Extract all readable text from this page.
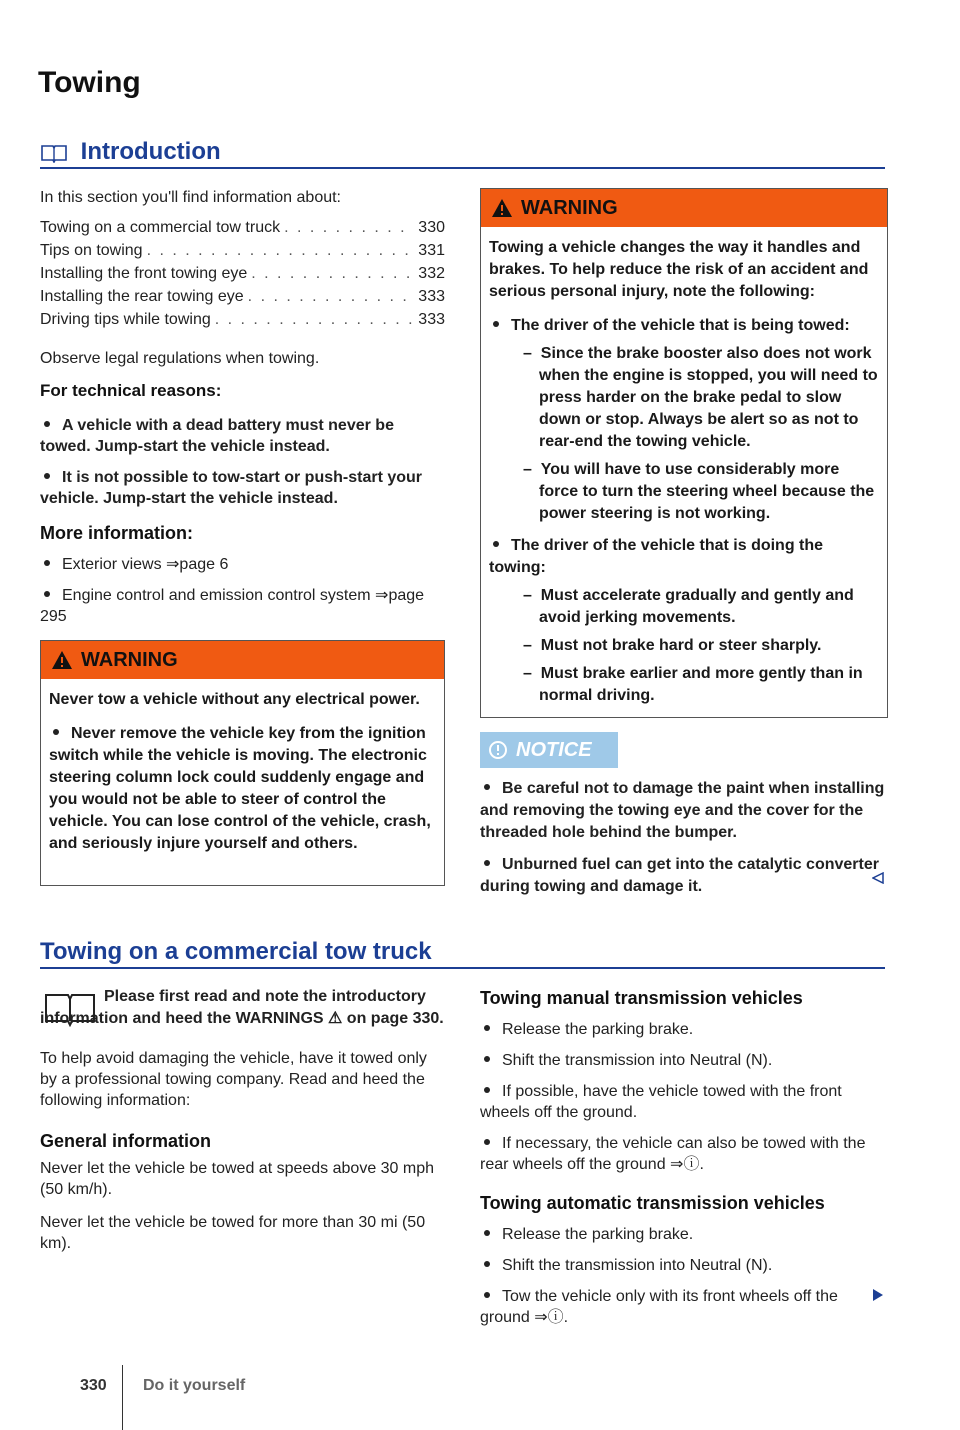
Towing
Introduction

In this section you'll find information about:

Towing on a commercial tow truck . . .	330
Tips on towing . . .	331
Installing the front towing eye . . .	332
Installing the rear towing eye . . .	333
Driving tips while towing . . .	333

Observe legal regulations when towing.

For technical reasons:

A vehicle with a dead battery must never be towed. Jump-start the vehicle instead.

It is not possible to tow-start or push-start your vehicle. Jump-start the vehicle instead.

More information:

Exterior views ⇒page 6

Engine control and emission control system ⇒page 295

WARNING

Never tow a vehicle without any electrical power.

Never remove the vehicle key from the ignition switch while the vehicle is moving. The electronic steering column lock could suddenly engage and you would not be able to steer of control the vehicle. You can lose control of the vehicle, crash, and seriously injure yourself and others.

WARNING

Towing a vehicle changes the way it handles and brakes. To help reduce the risk of an accident and serious personal injury, note the following:

The driver of the vehicle that is being towed:

–  Since the brake booster also does not work when the engine is stopped, you will need to press harder on the brake pedal to slow down or stop. Always be alert so as not to rear-end the towing vehicle.

–  You will have to use considerably more force to turn the steering wheel because the power steering is not working.

The driver of the vehicle that is doing the towing:

–  Must accelerate gradually and gently and avoid jerking movements.

–  Must not brake hard or steer sharply.

–  Must brake earlier and more gently than in normal driving.

NOTICE

Be careful not to damage the paint when installing and removing the towing eye and the cover for the threaded hole behind the bumper.

Unburned fuel can get into the catalytic converter during towing and damage it.

Towing on a commercial tow truck

Please first read and note the introductory information and heed the WARNINGS ⚠ on page 330.

To help avoid damaging the vehicle, have it towed only by a professional towing company. Read and heed the following information:

General information

Never let the vehicle be towed at speeds above 30 mph (50 km/h).

Never let the vehicle be towed for more than 30 mi (50 km).

Towing manual transmission vehicles

Release the parking brake.

Shift the transmission into Neutral (N).

If possible, have the vehicle towed with the front wheels off the ground.

If necessary, the vehicle can also be towed with the rear wheels off the ground ⇒ⓘ.

Towing automatic transmission vehicles

Release the parking brake.

Shift the transmission into Neutral (N).

Tow the vehicle only with its front wheels off the ground ⇒ⓘ.

330 Do it yourself
